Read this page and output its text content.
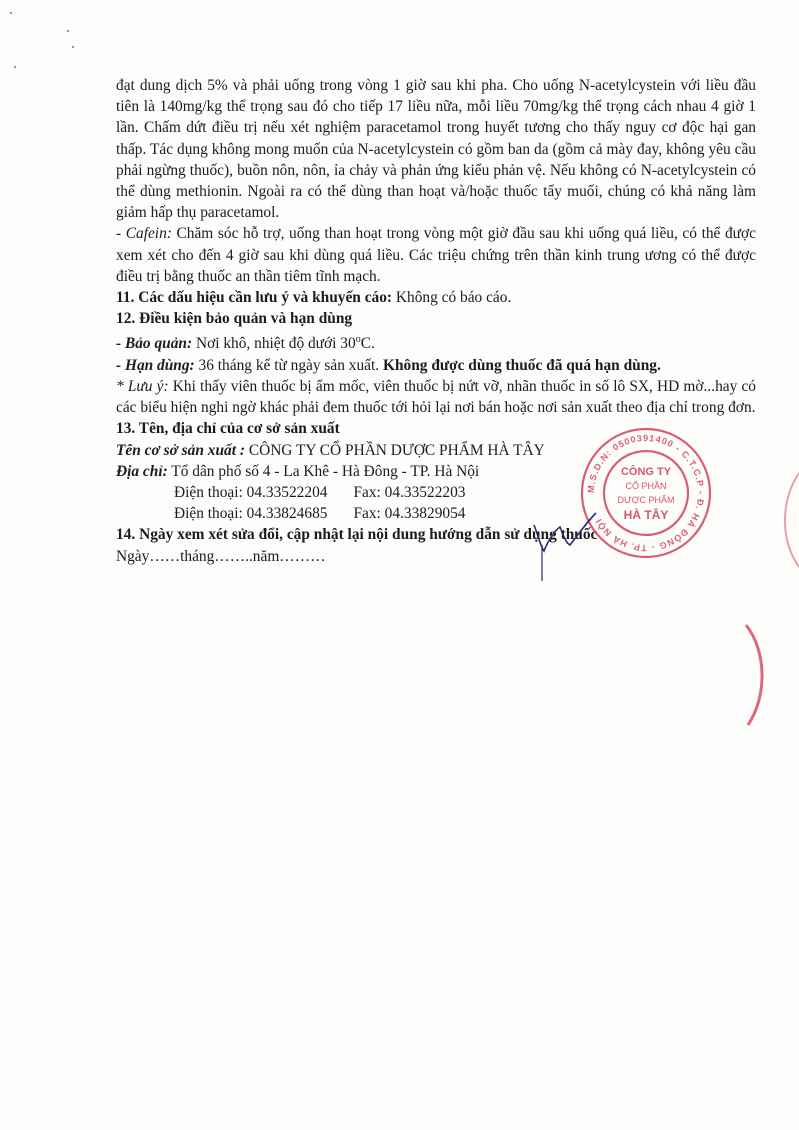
đạt dung dịch 5% và phải uống trong vòng 1 giờ sau khi pha. Cho uống N-acetylcystein với liều đầu tiên là 140mg/kg thể trọng sau đó cho tiếp 17 liều nữa, mỗi liều 70mg/kg thể trọng cách nhau 4 giờ 1 lần. Chấm dứt điều trị nếu xét nghiệm paracetamol trong huyết tương cho thấy nguy cơ độc hại gan thấp. Tác dụng không mong muốn của N-acetylcystein có gồm ban da (gồm cả mày đay, không yêu cầu phải ngừng thuốc), buồn nôn, nôn, ỉa chảy và phản ứng kiểu phản vệ. Nếu không có N-acetylcystein có thể dùng methionin. Ngoài ra có thể dùng than hoạt và/hoặc thuốc tẩy muối, chúng có khả năng làm giảm hấp thụ paracetamol.

- Cafein: Chăm sóc hỗ trợ, uống than hoạt trong vòng một giờ đầu sau khi uống quá liều, có thể được xem xét cho đến 4 giờ sau khi dùng quá liều. Các triệu chứng trên thần kinh trung ương có thể được điều trị bằng thuốc an thần tiêm tĩnh mạch.

11. Các dấu hiệu cần lưu ý và khuyến cáo: Không có báo cáo.

12. Điều kiện bảo quản và hạn dùng

- Bảo quản: Nơi khô, nhiệt độ dưới 30$^o$C.

- Hạn dùng: 36 tháng kể từ ngày sản xuất. Không được dùng thuốc đã quá hạn dùng.

* Lưu ý: Khi thấy viên thuốc bị ẩm mốc, viên thuốc bị nứt vỡ, nhãn thuốc in số lô SX, HD mờ...hay có các biểu hiện nghi ngờ khác phải đem thuốc tới hỏi lại nơi bán hoặc nơi sản xuất theo địa chỉ trong đơn.

13. Tên, địa chỉ của cơ sở sản xuất

Tên cơ sở sản xuất : CÔNG TY CỔ PHẦN DƯỢC PHẨM HÀ TÂY

Địa chỉ: Tổ dân phố số 4 - La Khê - Hà Đông - TP. Hà Nội

Điện thoại: 04.33522204 Fax: 04.33522203

Điện thoại: 04.33824685 Fax: 04.33829054

14. Ngày xem xét sửa đổi, cập nhật lại nội dung hướng dẫn sử dụng thuốc

Ngày……tháng……..năm………

M.S.D.N: 0500391400 - C.T.C.P - Đ. HÀ ĐÔNG - TP. HÀ NỘI
CÔNG TY
CỔ PHẦN
DƯỢC PHẨM
HÀ TÂY
